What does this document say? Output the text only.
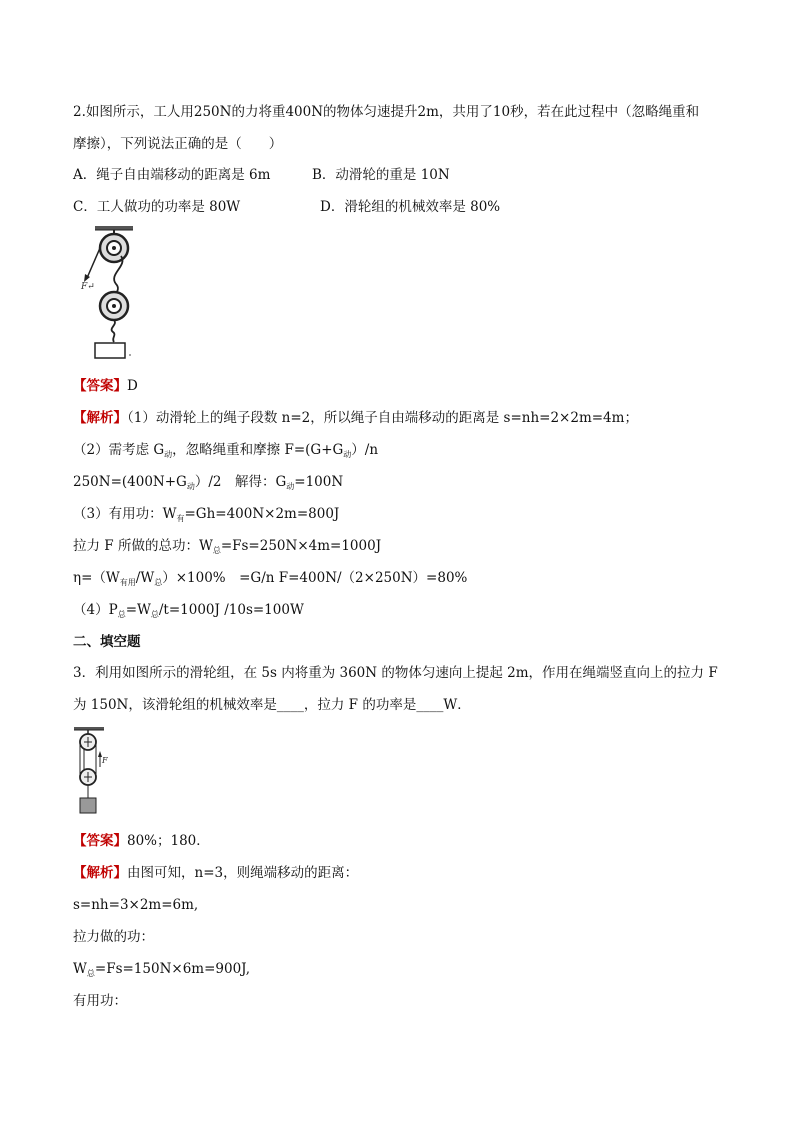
2.如图所示，工人用250N的力将重400N的物体匀速提升2m，共用了10秒，若在此过程中（忽略绳重和
摩擦），下列说法正确的是（　　）
A．绳子自由端移动的距离是 6m	B．动滑轮的重是 10N
C．工人做功的功率是 80W	D．滑轮组的机械效率是 80%
F↵
【答案】D
【解析】（1）动滑轮上的绳子段数 n=2，所以绳子自由端移动的距离是 s=nh=2×2m=4m；
（2）需考虑 $G_动$，忽略绳重和摩擦 $F=(G+G_动)/n$
$250N=(400N+G_动)/2$　解得：$G_动=100N$
（3）有用功：$W_有=Gh=400N\times 2m=800J$
拉力 F 所做的总功：$W_总=Fs=250N\times 4m=1000J$
$\eta=(W_{有用}/W_总)\times 100\%$　=G/n F=400N/（2×250N）=80%
$(4)P_总=W_总/t=1000J$ /10s=100W
二、填空题
3．利用如图所示的滑轮组，在 5s 内将重为 360N 的物体匀速向上提起 2m，作用在绳端竖直向上的拉力 F
为 150N，该滑轮组的机械效率是____，拉力 F 的功率是____W．
F
【答案】80%；180．
【解析】由图可知，n=3，则绳端移动的距离：
s=nh=3×2m=6m,
拉力做的功：
$W_总=Fs=150N\times 6m=900J$,
有用功：
